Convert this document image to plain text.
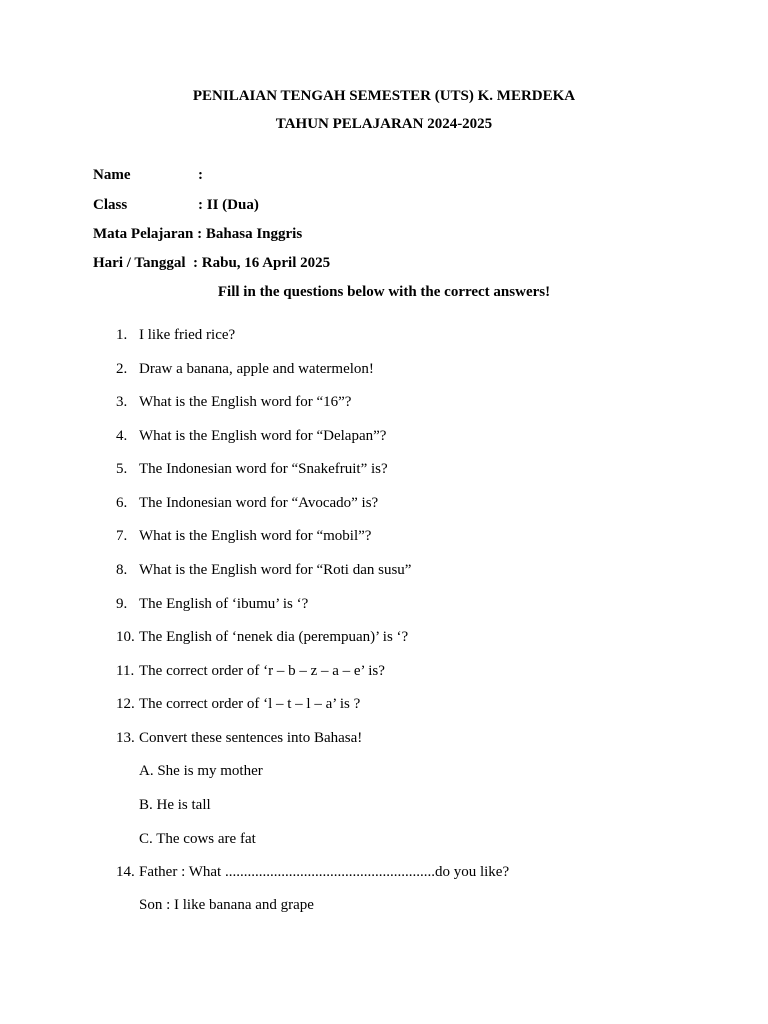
PENILAIAN TENGAH SEMESTER (UTS) K. MERDEKA
TAHUN PELAJARAN 2024-2025
Name	:
Class	: II (Dua)
Mata Pelajaran : Bahasa Inggris
Hari / Tanggal : Rabu, 16 April 2025
Fill in the questions below with the correct answers!
1. I like fried rice?
2. Draw a banana, apple and watermelon!
3. What is the English word for “16”?
4. What is the English word for “Delapan”?
5. The Indonesian word for “Snakefruit” is?
6. The Indonesian word for “Avocado” is?
7. What is the English word for “mobil”?
8. What is the English word for “Roti dan susu”
9. The English of ‘ibumu’ is ‘?
10. The English of ‘nenek dia (perempuan)’ is ‘?
11. The correct order of ‘r – b – z – a – e’ is?
12. The correct order of ‘l – t – l – a’ is ?
13. Convert these sentences into Bahasa!
A. She is my mother
B. He is tall
C. The cows are fat
14. Father : What ........................................................do you like?
Son : I like banana and grape
